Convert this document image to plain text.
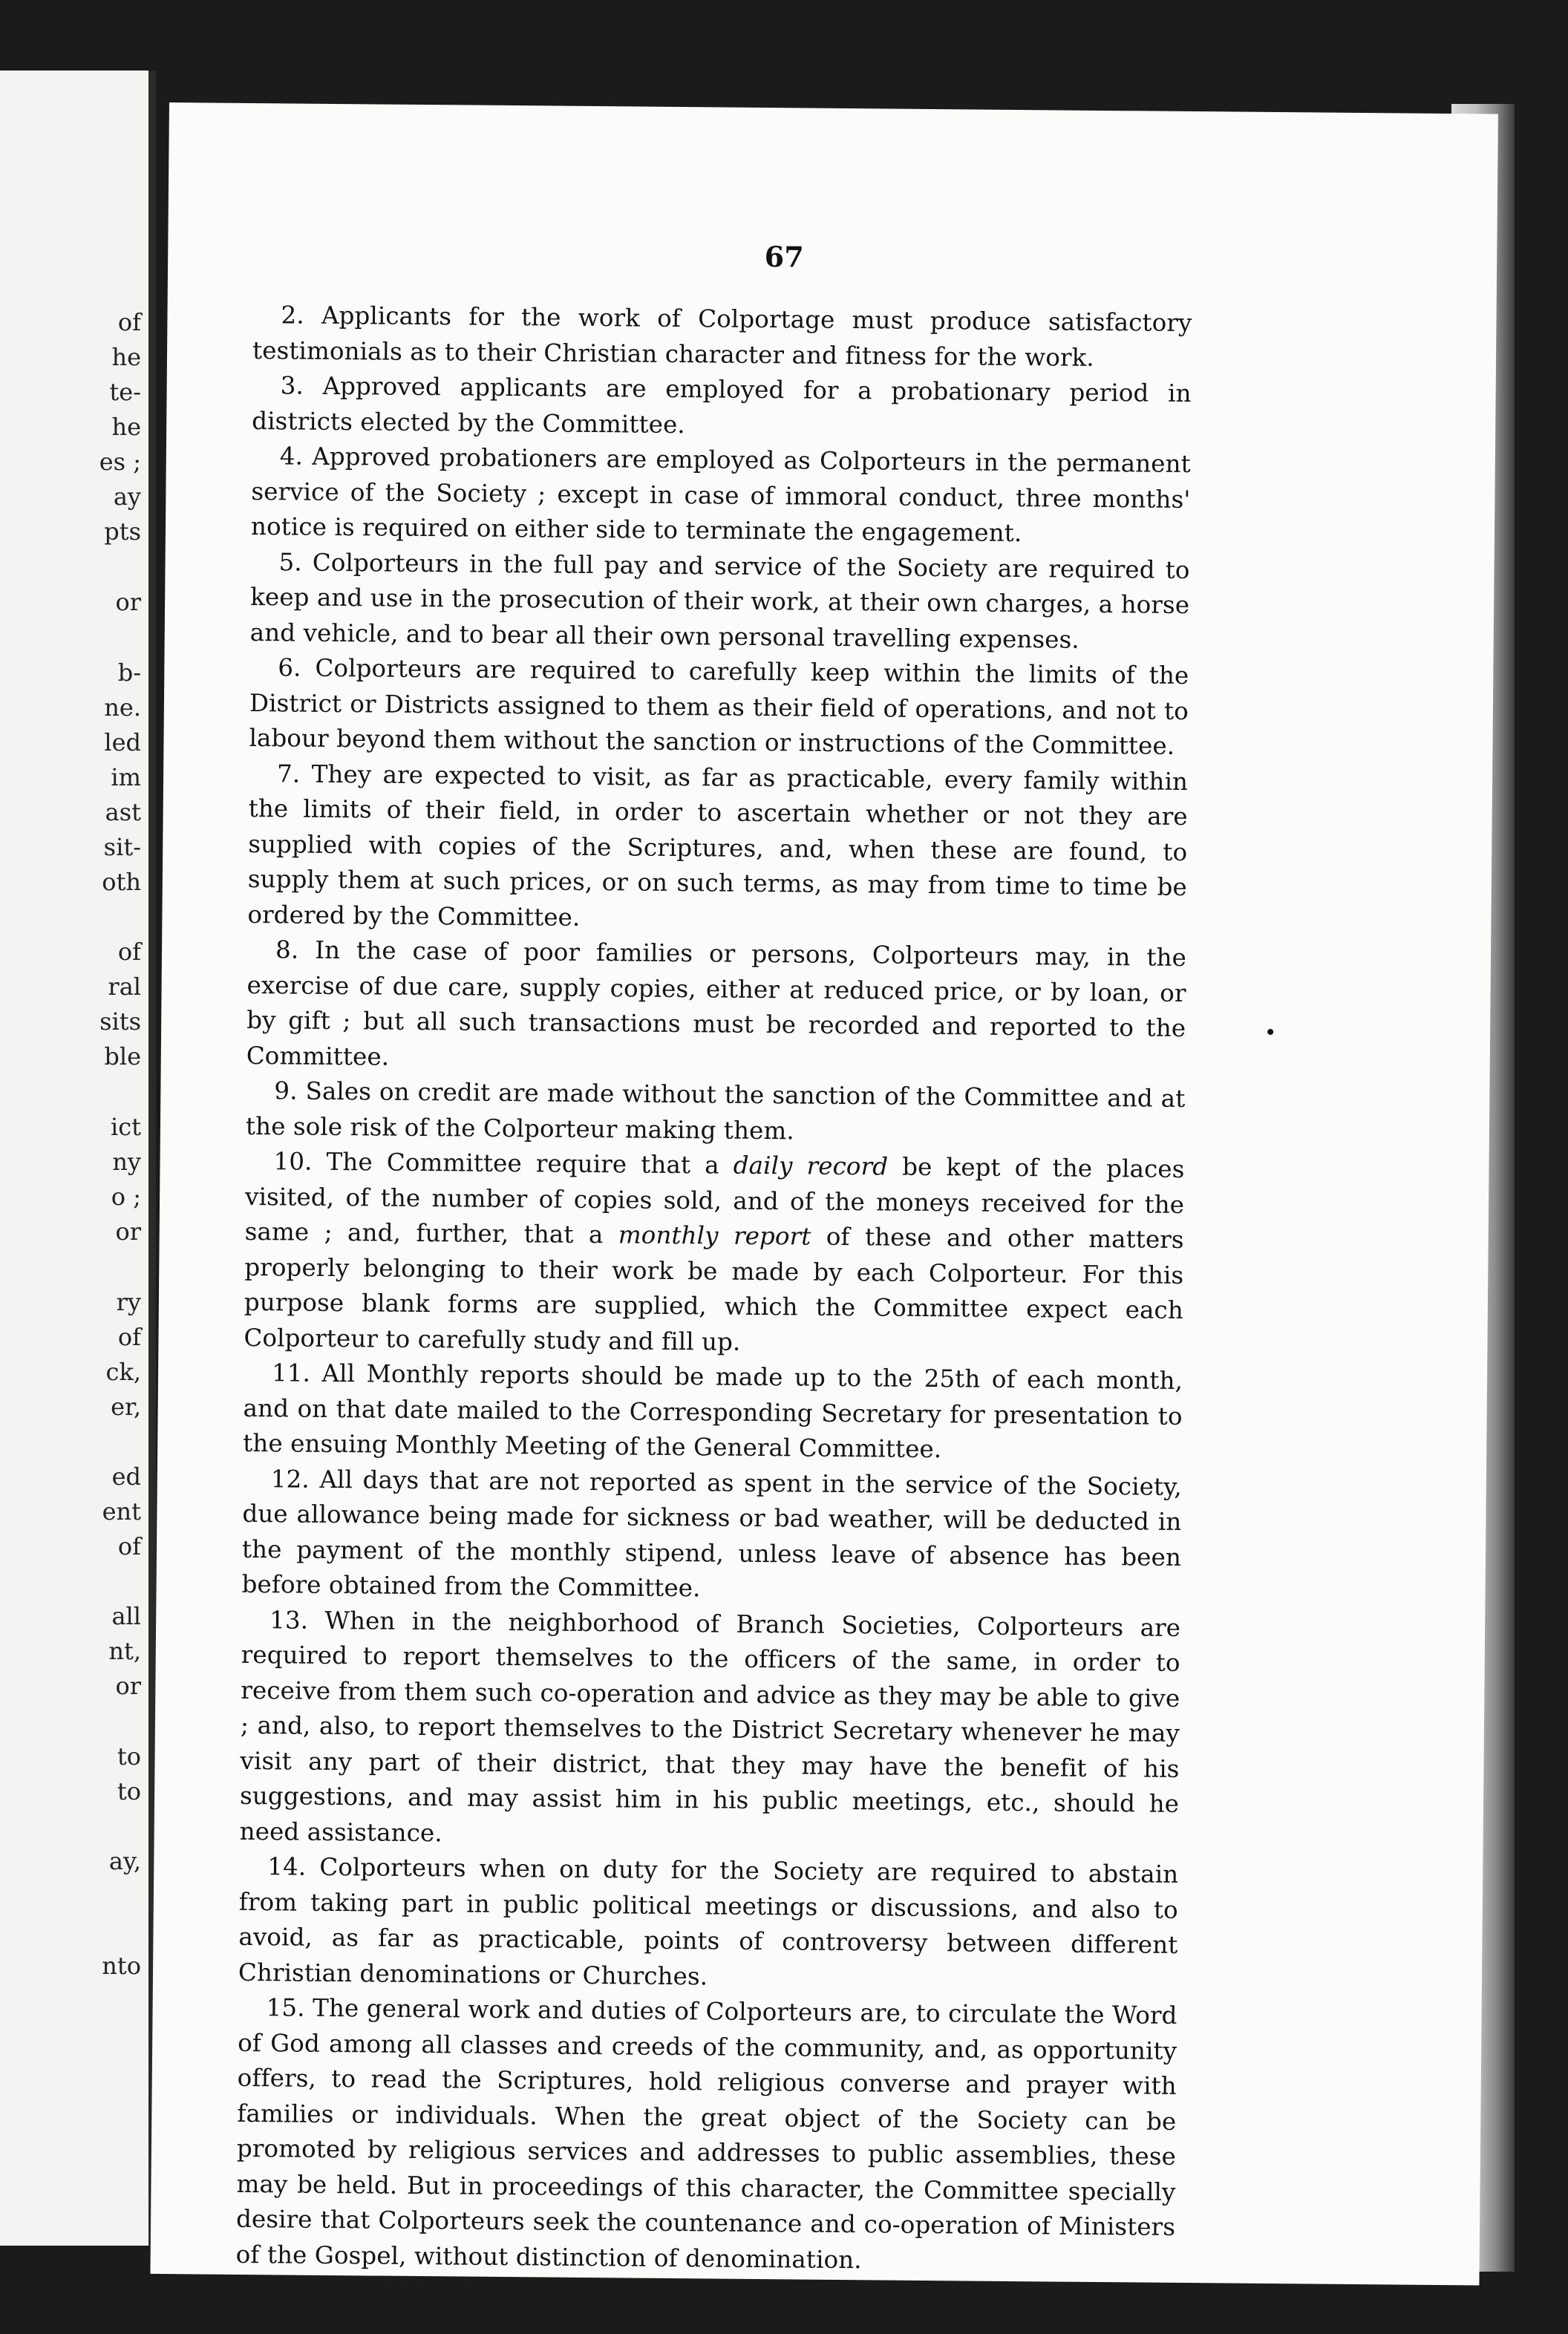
of
he
te-
he
es ;
ay
pts
or
b-
ne.
led
im
ast
sit-
oth
of
ral
sits
ble
ict
ny
o ;
or
ry
of
ck,
er,
ed
ent
of
all
nt,
or
to
to
ay,
nto
67

2. Applicants for the work of Colportage must produce satisfactory testimonials as to their Christian character and fitness for the work.

3. Approved applicants are employed for a probationary period in districts elected by the Committee.

4. Approved probationers are employed as Colporteurs in the permanent service of the Society ; except in case of immoral conduct, three months' notice is required on either side to terminate the engagement.

5. Colporteurs in the full pay and service of the Society are required to keep and use in the prosecution of their work, at their own charges, a horse and vehicle, and to bear all their own personal travelling expenses.

6. Colporteurs are required to carefully keep within the limits of the District or Districts assigned to them as their field of operations, and not to labour beyond them without the sanction or instructions of the Committee.

7. They are expected to visit, as far as practicable, every family within the limits of their field, in order to ascertain whether or not they are supplied with copies of the Scriptures, and, when these are found, to supply them at such prices, or on such terms, as may from time to time be ordered by the Committee.

8. In the case of poor families or persons, Colporteurs may, in the exercise of due care, supply copies, either at reduced price, or by loan, or by gift ; but all such transactions must be recorded and reported to the Committee.

9. Sales on credit are made without the sanction of the Committee and at the sole risk of the Colporteur making them.

10. The Committee require that a daily record be kept of the places visited, of the number of copies sold, and of the moneys received for the same ; and, further, that a monthly report of these and other matters properly belonging to their work be made by each Colporteur. For this purpose blank forms are supplied, which the Committee expect each Colporteur to carefully study and fill up.

11. All Monthly reports should be made up to the 25th of each month, and on that date mailed to the Corresponding Secretary for presentation to the ensuing Monthly Meeting of the General Committee.

12. All days that are not reported as spent in the service of the Society, due allowance being made for sickness or bad weather, will be deducted in the payment of the monthly stipend, unless leave of absence has been before obtained from the Committee.

13. When in the neighborhood of Branch Societies, Colporteurs are required to report themselves to the officers of the same, in order to receive from them such co-operation and advice as they may be able to give ; and, also, to report themselves to the District Secretary whenever he may visit any part of their district, that they may have the benefit of his suggestions, and may assist him in his public meetings, etc., should he need assistance.

14. Colporteurs when on duty for the Society are required to abstain from taking part in public political meetings or discussions, and also to avoid, as far as practicable, points of controversy between different Christian denominations or Churches.

15. The general work and duties of Colporteurs are, to circulate the Word of God among all classes and creeds of the community, and, as opportunity offers, to read the Scriptures, hold religious converse and prayer with families or individuals. When the great object of the Society can be promoted by religious services and addresses to public assemblies, these may be held. But in proceedings of this character, the Committee specially desire that Colporteurs seek the countenance and co-operation of Ministers of the Gospel, without distinction of denomination.
